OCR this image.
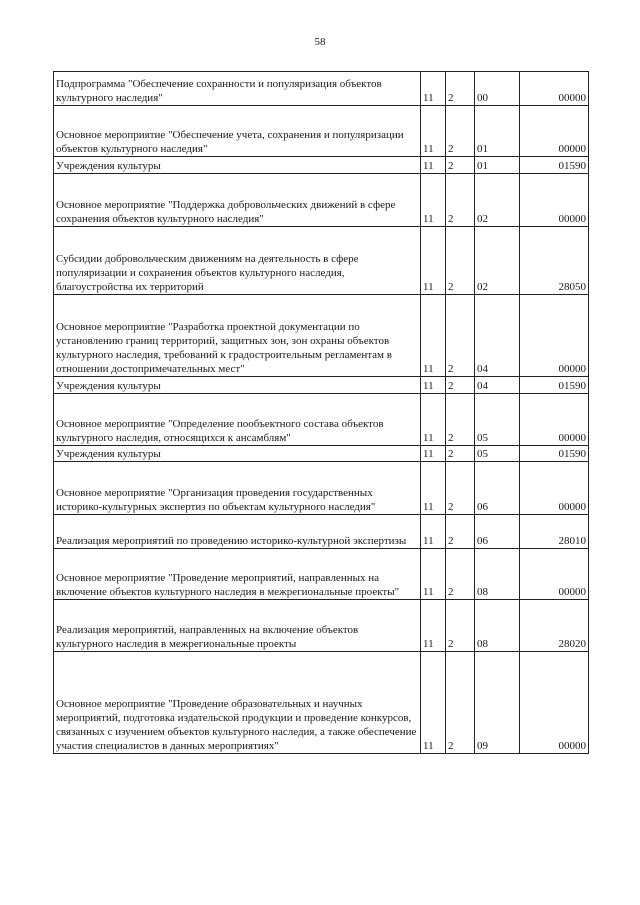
58
Подпрограмма "Обеспечение сохранности и популяризация объектов культурного наследия"	11	2	00	00000
Основное мероприятие "Обеспечение учета, сохранения и популяризации объектов культурного наследия"	11	2	01	00000
Учреждения культуры	11	2	01	01590
Основное мероприятие "Поддержка добровольческих движений в сфере сохранения объектов культурного наследия"	11	2	02	00000
Субсидии добровольческим движениям на деятельность в сфере популяризации и сохранения объектов культурного наследия, благоустройства их территорий	11	2	02	28050
Основное мероприятие "Разработка проектной документации по установлению границ территорий, защитных зон, зон охраны объектов культурного наследия, требований к градостроительным регламентам в отношении достопримечательных мест"	11	2	04	00000
Учреждения культуры	11	2	04	01590
Основное мероприятие "Определение пообъектного состава объектов культурного наследия, относящихся к ансамблям"	11	2	05	00000
Учреждения культуры	11	2	05	01590
Основное мероприятие "Организация проведения государственных историко-культурных экспертиз по объектам культурного наследия"	11	2	06	00000
Реализация мероприятий по проведению историко-культурной экспертизы	11	2	06	28010
Основное мероприятие "Проведение мероприятий, направленных на включение объектов культурного наследия в межрегиональные проекты"	11	2	08	00000
Реализация мероприятий, направленных на включение объектов культурного наследия в межрегиональные проекты	11	2	08	28020
Основное мероприятие "Проведение образовательных и научных мероприятий, подготовка издательской продукции и проведение конкурсов, связанных с изучением объектов культурного наследия, а также обеспечение участия специалистов в данных мероприятиях"	11	2	09	00000
